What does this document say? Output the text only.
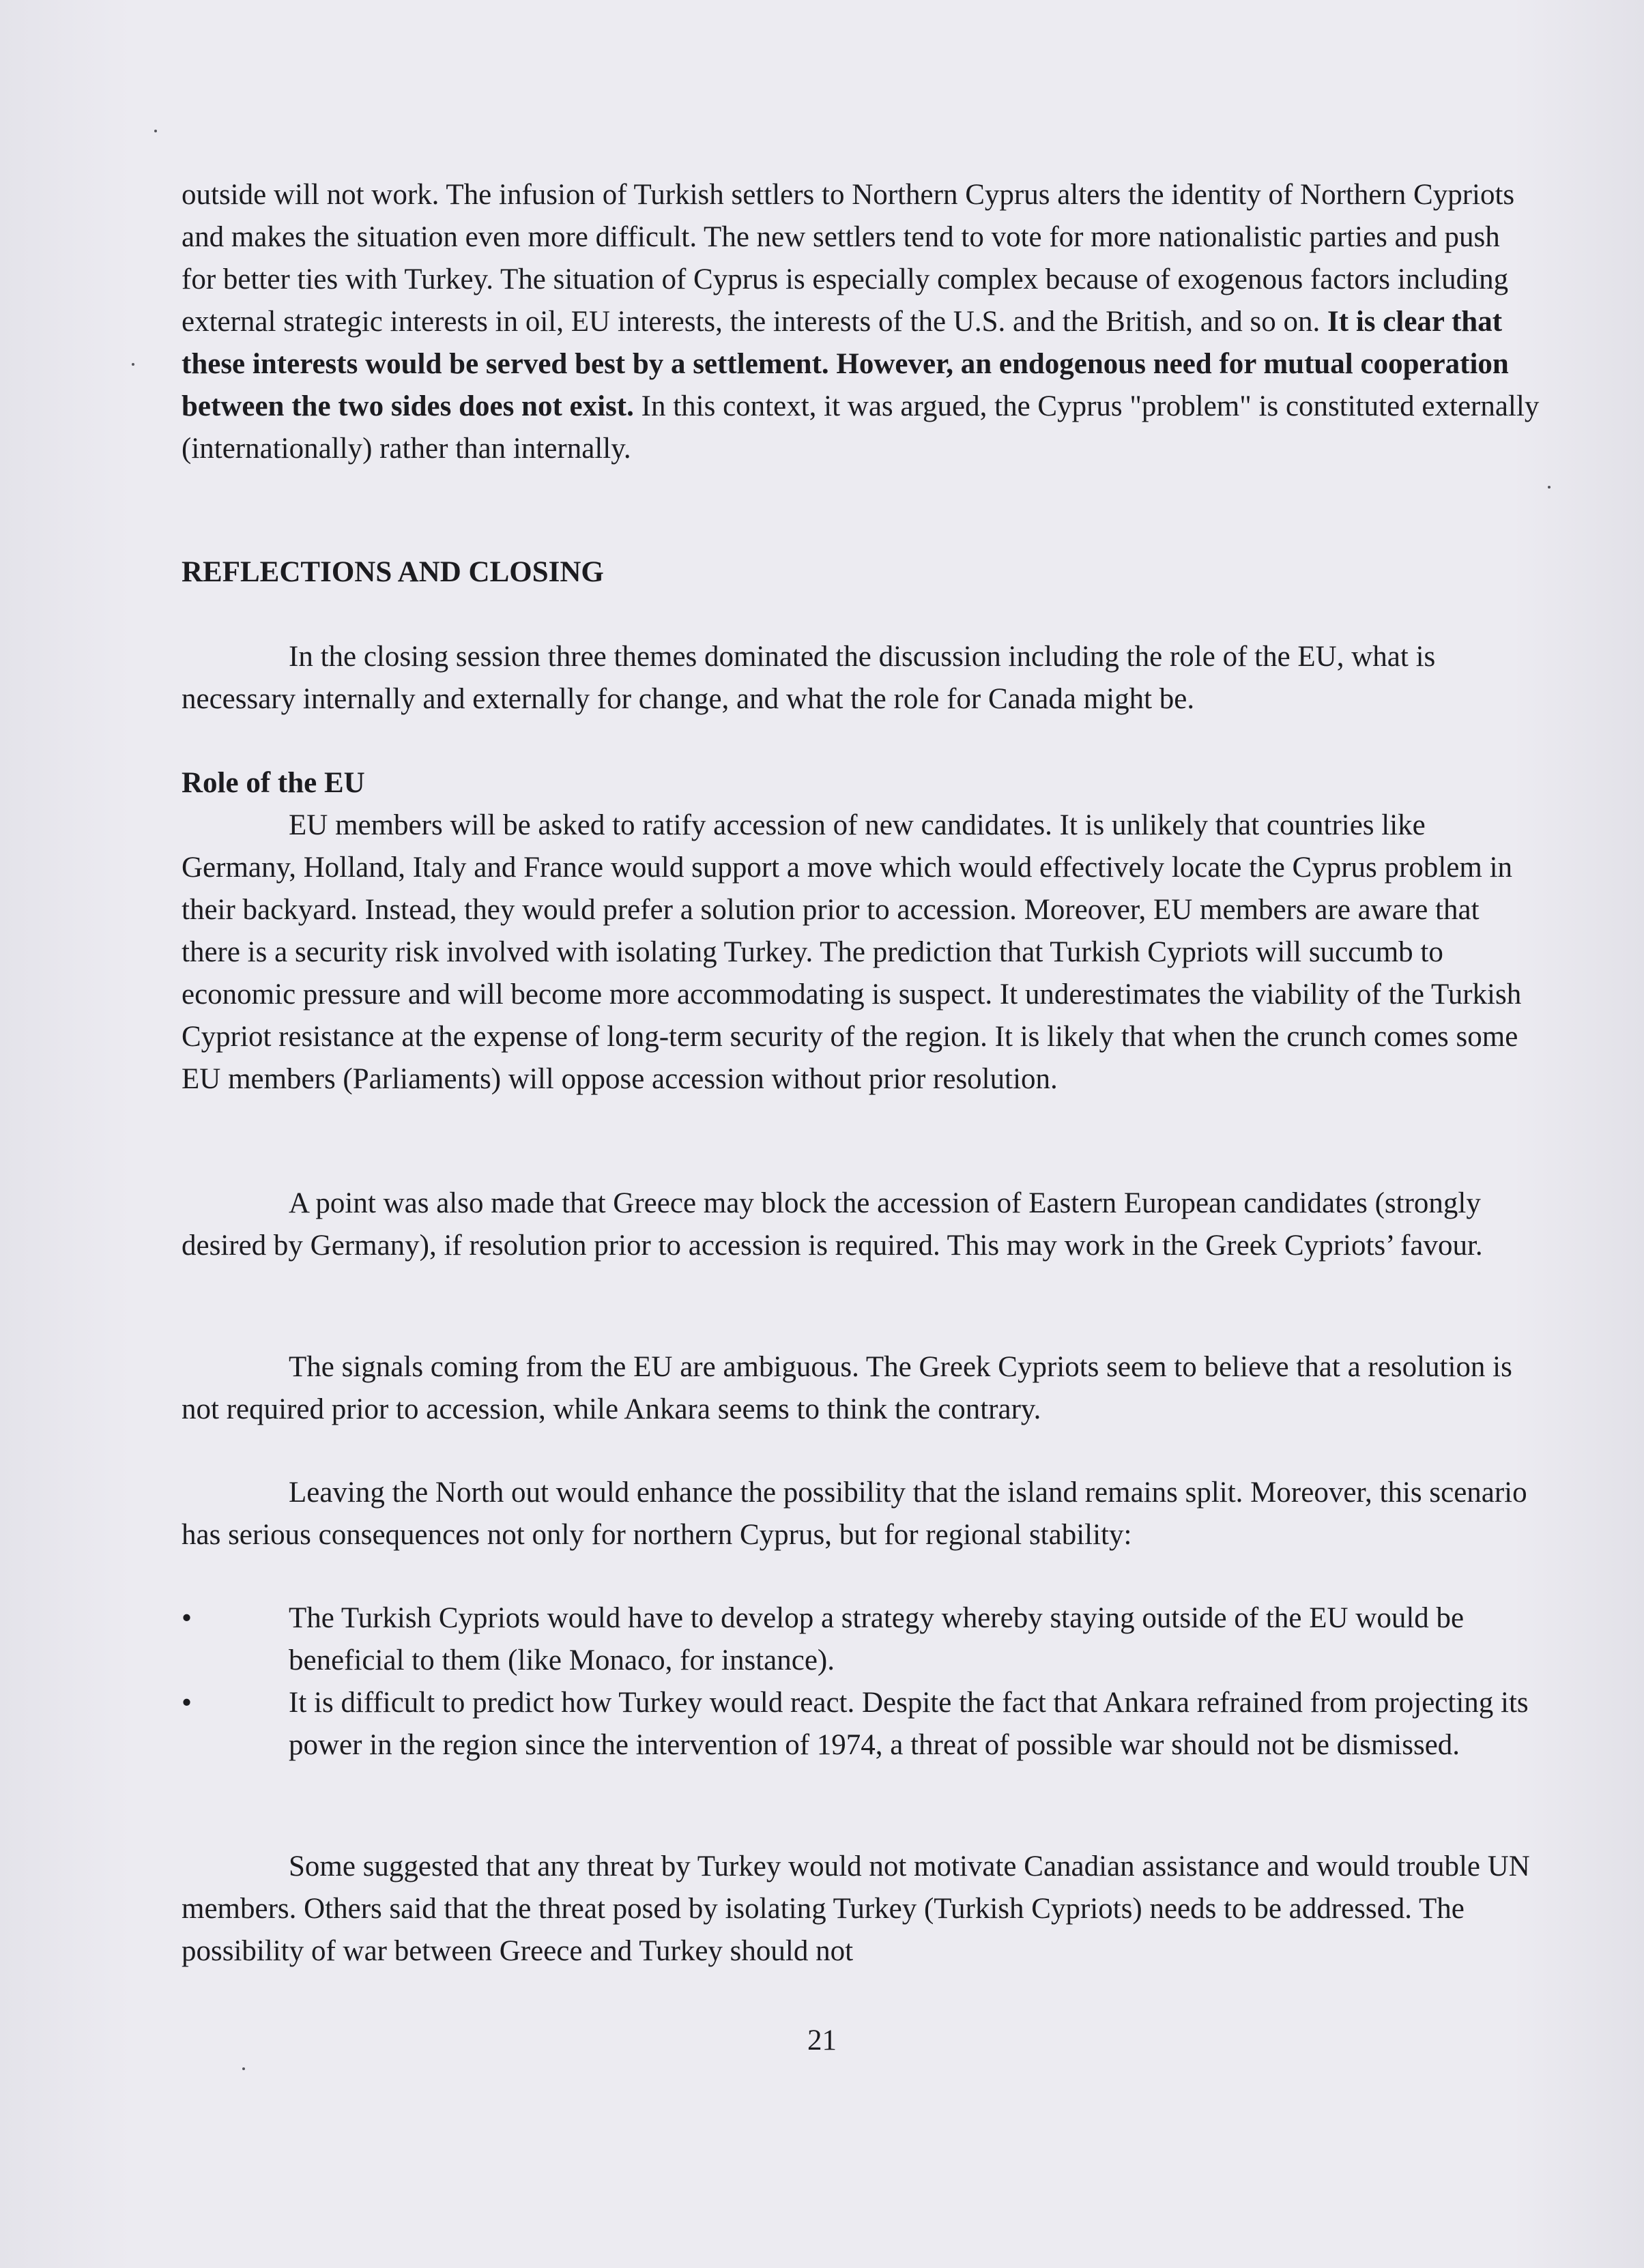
outside will not work. The infusion of Turkish settlers to Northern Cyprus alters the identity of Northern Cypriots and makes the situation even more difficult. The new settlers tend to vote for more nationalistic parties and push for better ties with Turkey. The situation of Cyprus is especially complex because of exogenous factors including external strategic interests in oil, EU interests, the interests of the U.S. and the British, and so on. It is clear that these interests would be served best by a settlement. However, an endogenous need for mutual cooperation between the two sides does not exist. In this context, it was argued, the Cyprus "problem" is constituted externally (internationally) rather than internally.

REFLECTIONS AND CLOSING

In the closing session three themes dominated the discussion including the role of the EU, what is necessary internally and externally for change, and what the role for Canada might be.

Role of the EU

EU members will be asked to ratify accession of new candidates. It is unlikely that countries like Germany, Holland, Italy and France would support a move which would effectively locate the Cyprus problem in their backyard. Instead, they would prefer a solution prior to accession. Moreover, EU members are aware that there is a security risk involved with isolating Turkey. The prediction that Turkish Cypriots will succumb to economic pressure and will become more accommodating is suspect. It underestimates the viability of the Turkish Cypriot resistance at the expense of long-term security of the region. It is likely that when the crunch comes some EU members (Parliaments) will oppose accession without prior resolution.

A point was also made that Greece may block the accession of Eastern European candidates (strongly desired by Germany), if resolution prior to accession is required. This may work in the Greek Cypriots’ favour.

The signals coming from the EU are ambiguous. The Greek Cypriots seem to believe that a resolution is not required prior to accession, while Ankara seems to think the contrary.

Leaving the North out would enhance the possibility that the island remains split. Moreover, this scenario has serious consequences not only for northern Cyprus, but for regional stability:

•	The Turkish Cypriots would have to develop a strategy whereby staying outside of the EU would be beneficial to them (like Monaco, for instance).
•	It is difficult to predict how Turkey would react. Despite the fact that Ankara refrained from projecting its power in the region since the intervention of 1974, a threat of possible war should not be dismissed.

Some suggested that any threat by Turkey would not motivate Canadian assistance and would trouble UN members. Others said that the threat posed by isolating Turkey (Turkish Cypriots) needs to be addressed. The possibility of war between Greece and Turkey should not

21
